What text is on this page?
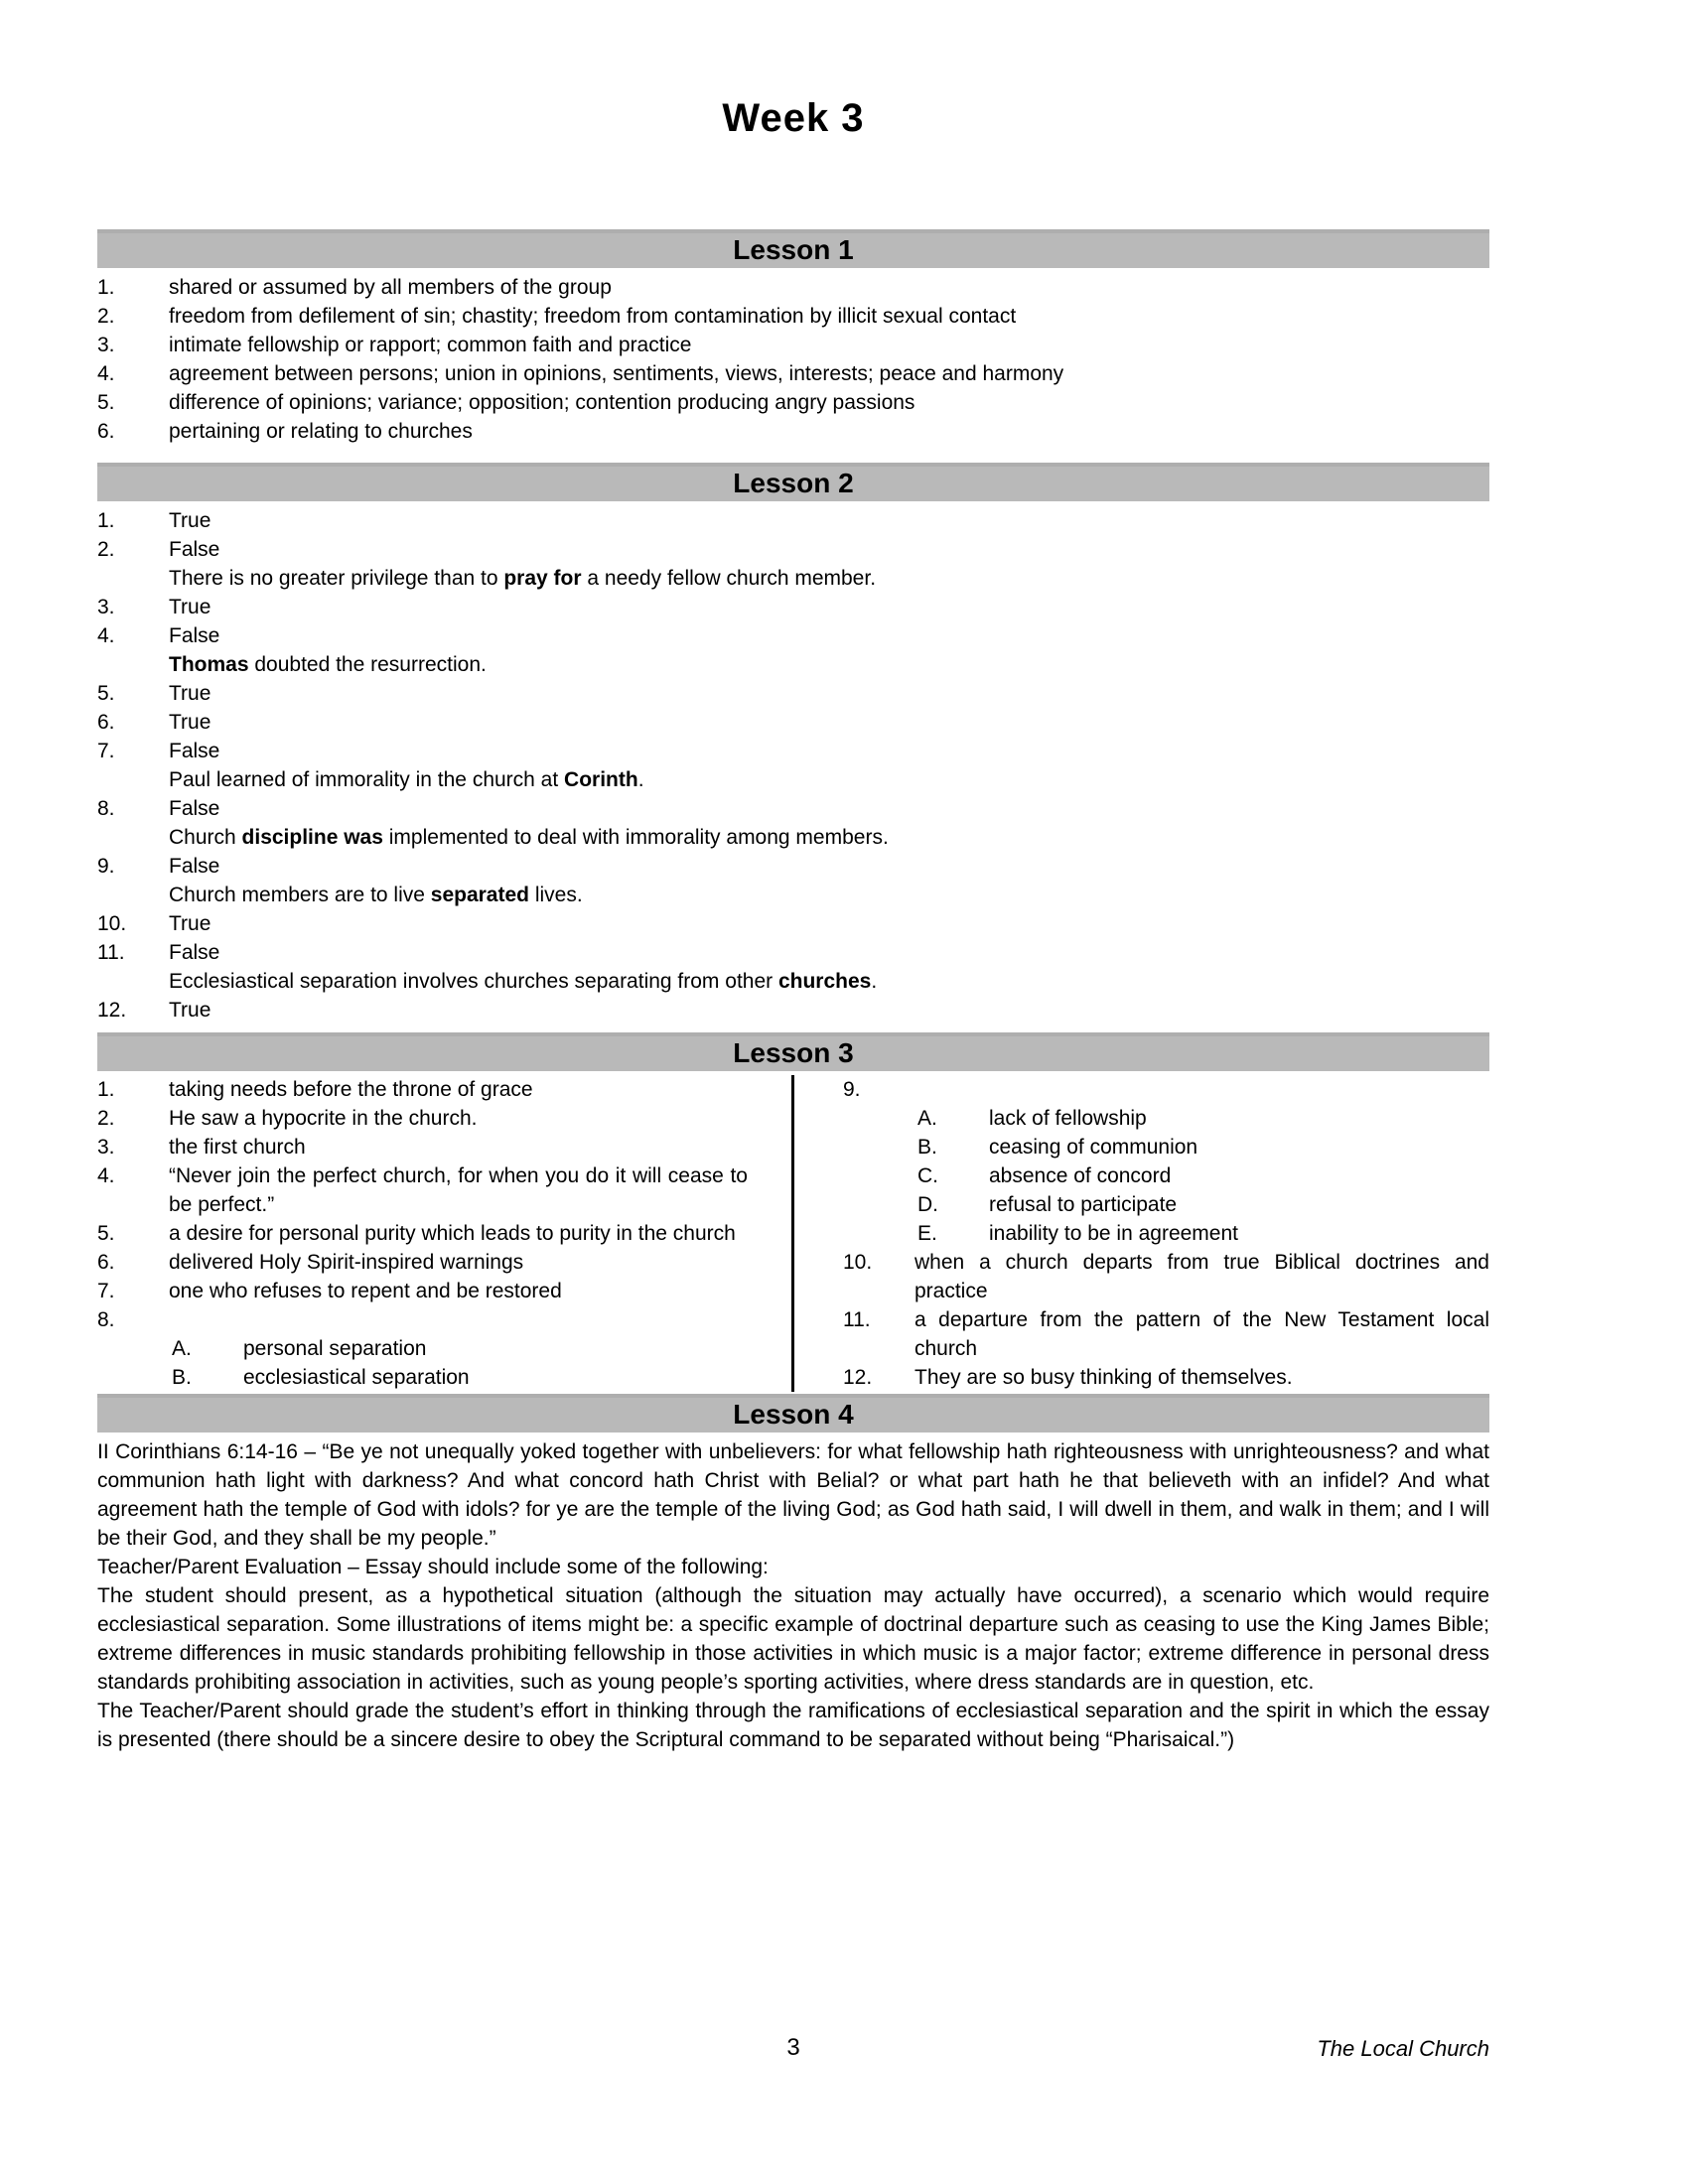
Week 3
Lesson 1
1.	shared or assumed by all members of the group
2.	freedom from defilement of sin; chastity; freedom from contamination by illicit sexual contact
3.	intimate fellowship or rapport; common faith and practice
4.	agreement between persons; union in opinions, sentiments, views, interests; peace and harmony
5.	difference of opinions; variance; opposition; contention producing angry passions
6.	pertaining or relating to churches
Lesson 2
1.	True
2.	False
There is no greater privilege than to pray for a needy fellow church member.
3.	True
4.	False
Thomas doubted the resurrection.
5.	True
6.	True
7.	False
Paul learned of immorality in the church at Corinth.
8.	False
Church discipline was implemented to deal with immorality among members.
9.	False
Church members are to live separated lives.
10.	True
11.	False
Ecclesiastical separation involves churches separating from other churches.
12.	True
Lesson 3
1.	taking needs before the throne of grace
2.	He saw a hypocrite in the church.
3.	the first church
4.	“Never join the perfect church, for when you do it will cease to be perfect.”
5.	a desire for personal purity which leads to purity in the church
6.	delivered Holy Spirit-inspired warnings
7.	one who refuses to repent and be restored
8.
A.	personal separation
B.	ecclesiastical separation
9.
A.	lack of fellowship
B.	ceasing of communion
C.	absence of concord
D.	refusal to participate
E.	inability to be in agreement
10.	when a church departs from true Biblical doctrines and practice
11.	a departure from the pattern of the New Testament local church
12.	They are so busy thinking of themselves.
Lesson 4
II Corinthians 6:14-16 – “Be ye not unequally yoked together with unbelievers: for what fellowship hath righteousness with unrighteousness? and what communion hath light with darkness? And what concord hath Christ with Belial? or what part hath he that believeth with an infidel? And what agreement hath the temple of God with idols? for ye are the temple of the living God; as God hath said, I will dwell in them, and walk in them; and I will be their God, and they shall be my people.”
Teacher/Parent Evaluation – Essay should include some of the following:
The student should present, as a hypothetical situation (although the situation may actually have occurred), a scenario which would require ecclesiastical separation. Some illustrations of items might be: a specific example of doctrinal departure such as ceasing to use the King James Bible; extreme differences in music standards prohibiting fellowship in those activities in which music is a major factor; extreme difference in personal dress standards prohibiting association in activities, such as young people’s sporting activities, where dress standards are in question, etc.
The Teacher/Parent should grade the student’s effort in thinking through the ramifications of ecclesiastical separation and the spirit in which the essay is presented (there should be a sincere desire to obey the Scriptural command to be separated without being “Pharisaical.”)
3	The Local Church
